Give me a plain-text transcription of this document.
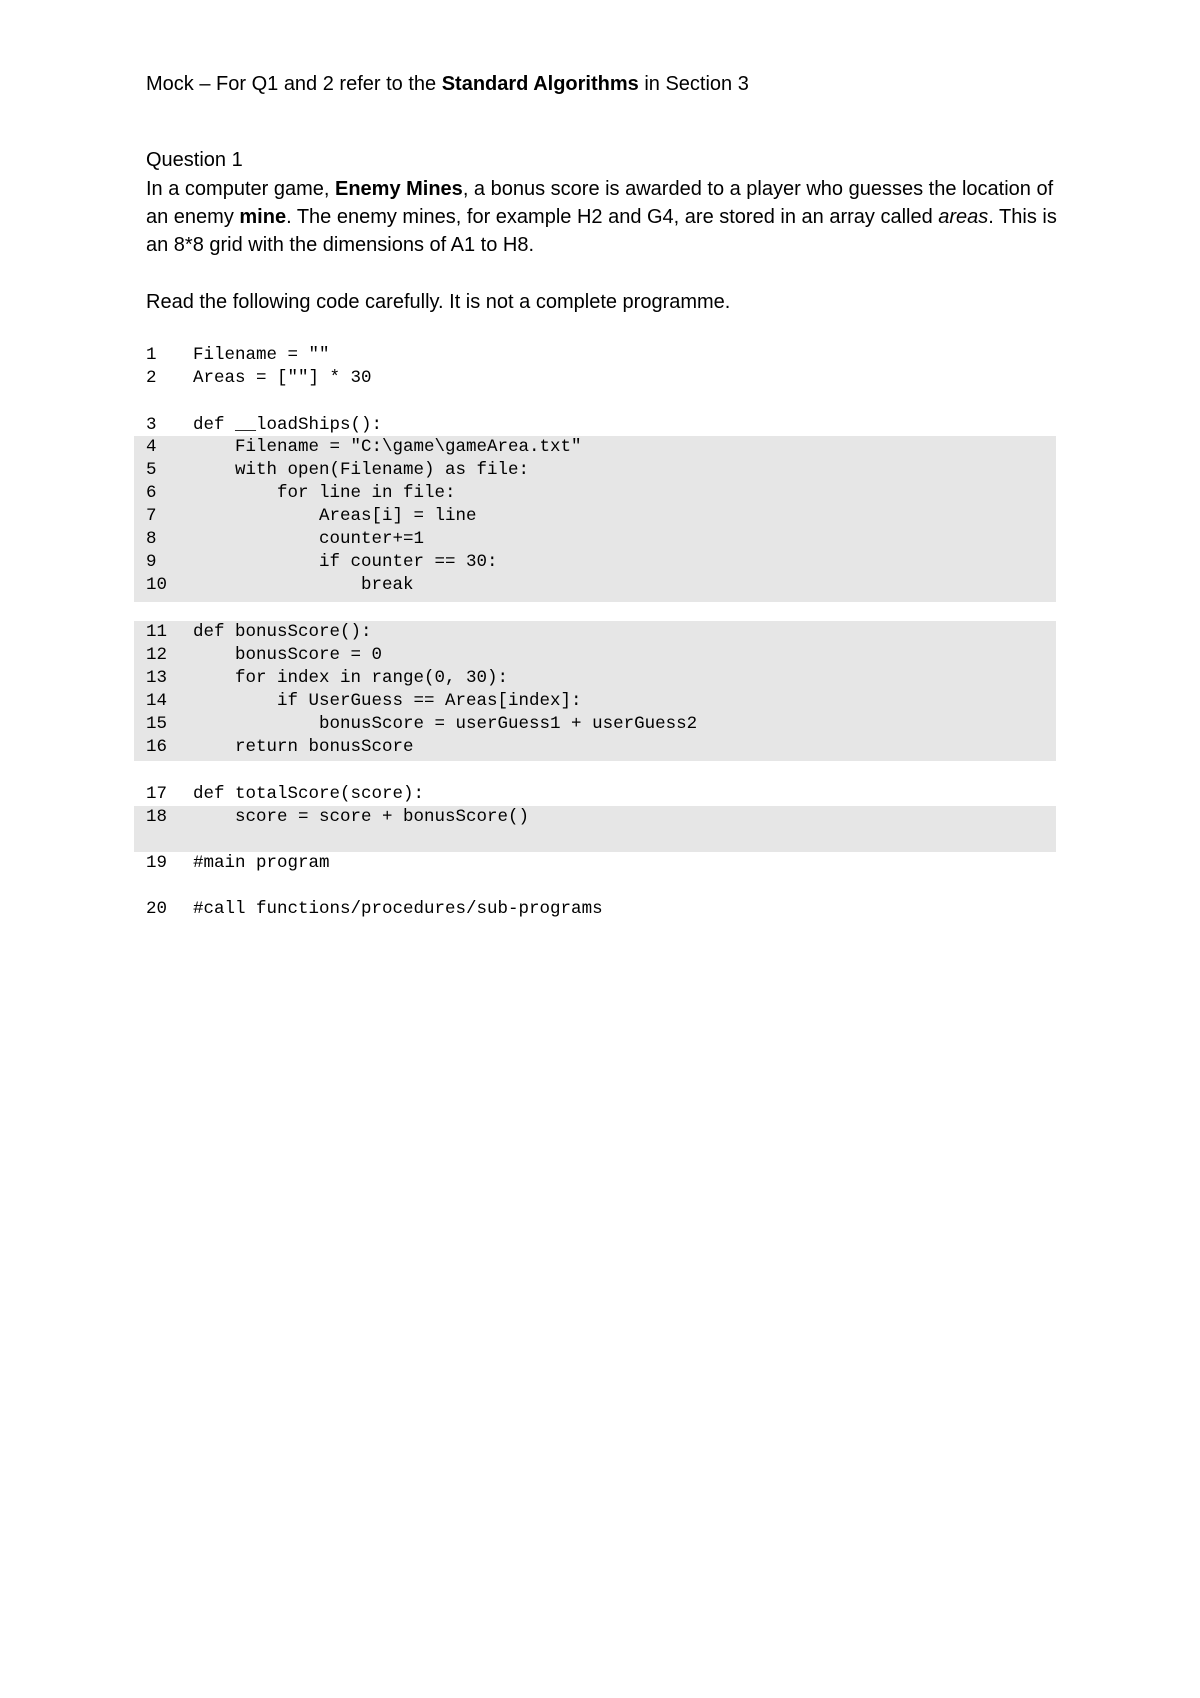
Mock – For Q1 and 2 refer to the Standard Algorithms in Section 3
Question 1
In a computer game, Enemy Mines, a bonus score is awarded to a player who guesses the location of an enemy mine. The enemy mines, for example H2 and G4, are stored in an array called areas. This is an 8*8 grid with the dimensions of A1 to H8.
Read the following code carefully. It is not a complete programme.
1	Filename = ""
2	Areas = [""] * 30
3	def __loadShips():
4	Filename = "C:\game\gameArea.txt"
5	with open(Filename) as file:
6	for line in file:
7	Areas[i] = line
8	counter+=1
9	if counter == 30:
10	break
11	def bonusScore():
12	bonusScore = 0
13	for index in range(0, 30):
14	if UserGuess == Areas[index]:
15	bonusScore = userGuess1 + userGuess2
16	return bonusScore
17	def totalScore(score):
18	score = score + bonusScore()
19	#main program
20	#call functions/procedures/sub-programs
